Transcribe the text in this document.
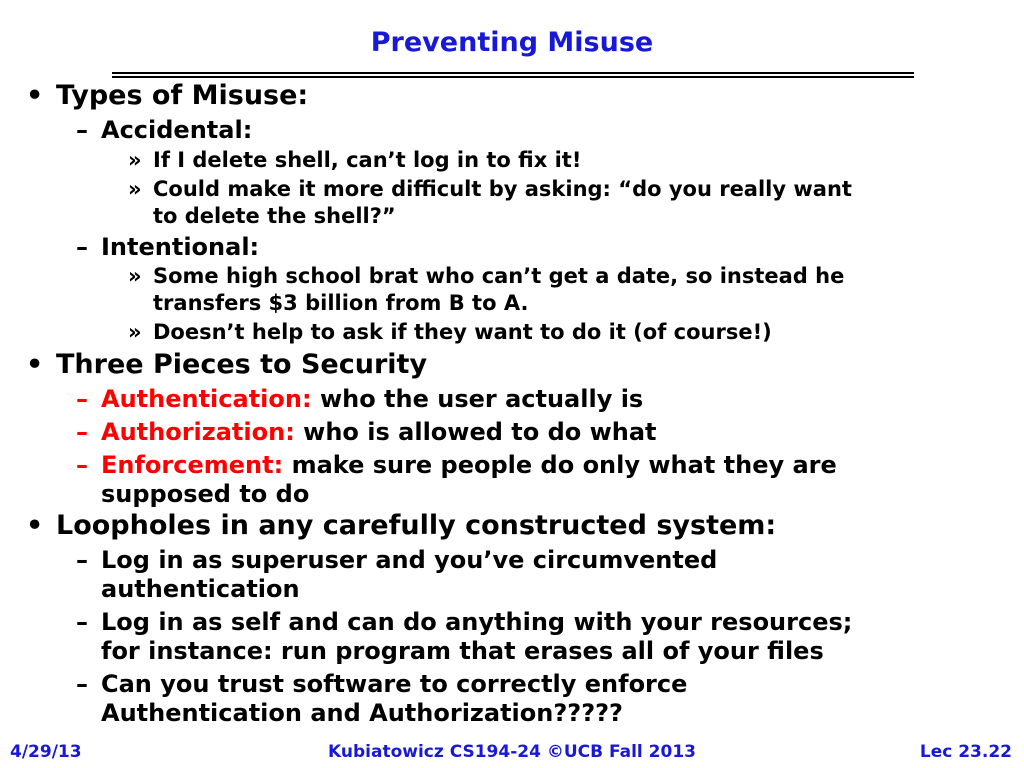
Preventing Misuse
• Types of Misuse:
– Accidental:
» If I delete shell, can’t log in to fix it!
» Could make it more difficult by asking: “do you really want
to delete the shell?”
– Intentional:
» Some high school brat who can’t get a date, so instead he
transfers $3 billion from B to A.
» Doesn’t help to ask if they want to do it (of course!)
• Three Pieces to Security
– Authentication: who the user actually is
– Authorization: who is allowed to do what
– Enforcement: make sure people do only what they are
supposed to do
• Loopholes in any carefully constructed system:
– Log in as superuser and you’ve circumvented
authentication
– Log in as self and can do anything with your resources;
for instance: run program that erases all of your files
– Can you trust software to correctly enforce
Authentication and Authorization?????
4/29/13	Kubiatowicz CS194-24 ©UCB Fall 2013	Lec 23.22
